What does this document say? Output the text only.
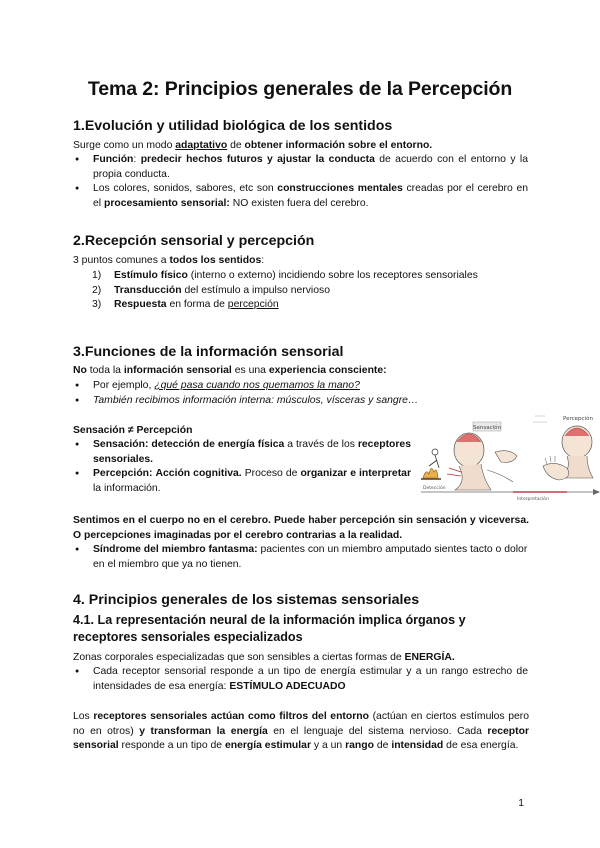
Tema 2: Principios generales de la Percepción
1.Evolución y utilidad biológica de los sentidos

Surge como un modo adaptativo de obtener información sobre el entorno.

● Función: predecir hechos futuros y ajustar la conducta de acuerdo con el entorno y la propia conducta.
● Los colores, sonidos, sabores, etc son construcciones mentales creadas por el cerebro en el procesamiento sensorial: NO existen fuera del cerebro.
2.Recepción sensorial y percepción

3 puntos comunes a todos los sentidos:

1) Estímulo físico (interno o externo) incidiendo sobre los receptores sensoriales
2) Transducción del estímulo a impulso nervioso
3) Respuesta en forma de percepción
3.Funciones de la información sensorial

No toda la información sensorial es una experiencia consciente:

● Por ejemplo, ¿qué pasa cuando nos quemamos la mano?
● También recibimos información interna: músculos, vísceras y sangre…

Sensación ≠ Percepción

● Sensación: detección de energía física a través de los receptores sensoriales.
● Percepción: Acción cognitiva. Proceso de organizar e interpretar la información.
Sensación
Percepción
Detección
Interpretación

Sentimos en el cuerpo no en el cerebro. Puede haber percepción sin sensación y viceversa. O percepciones imaginadas por el cerebro contrarias a la realidad.

● Síndrome del miembro fantasma: pacientes con un miembro amputado sientes tacto o dolor en el miembro que ya no tienen.
4. Principios generales de los sistemas sensoriales
4.1. La representación neural de la información implica órganos y receptores sensoriales especializados

Zonas corporales especializadas que son sensibles a ciertas formas de ENERGÍA.

● Cada receptor sensorial responde a un tipo de energía estimular y a un rango estrecho de intensidades de esa energía: ESTÍMULO ADECUADO

Los receptores sensoriales actúan como filtros del entorno (actúan en ciertos estímulos pero no en otros) y transforman la energía en el lenguaje del sistema nervioso. Cada receptor sensorial responde a un tipo de energía estimular y a un rango de intensidad de esa energía.

1
